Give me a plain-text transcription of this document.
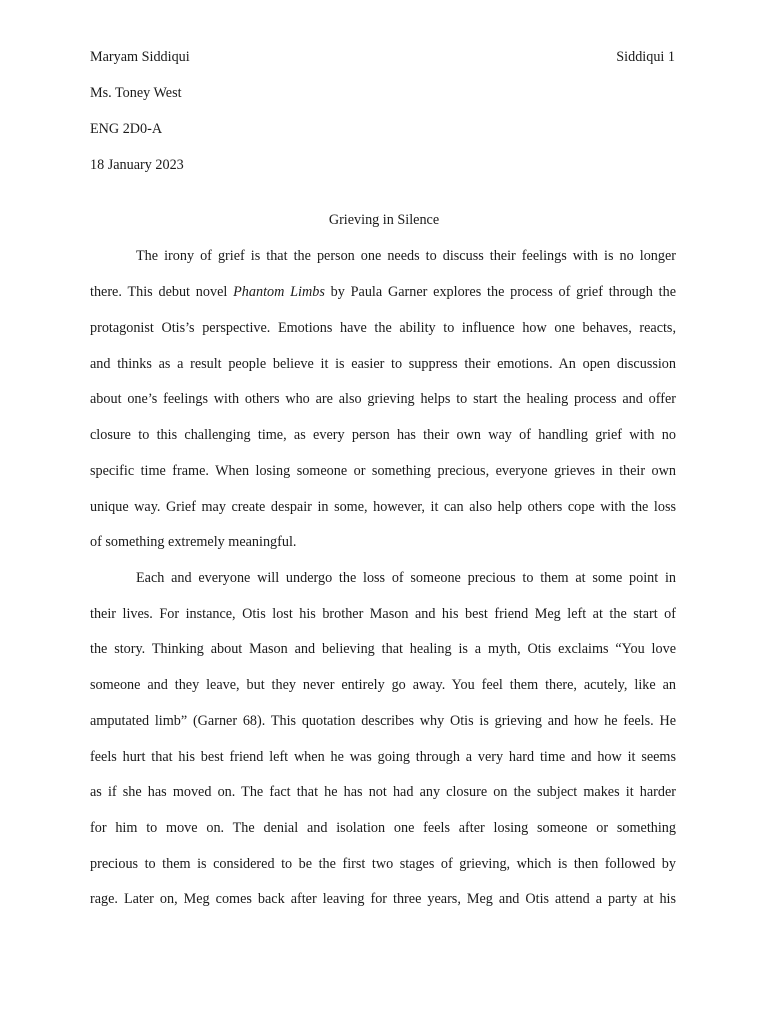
Siddiqui 1
Maryam Siddiqui
Ms. Toney West
ENG 2D0-A
18 January 2023
Grieving in Silence
The irony of grief is that the person one needs to discuss their feelings with is no longer
there. This debut novel Phantom Limbs by Paula Garner explores the process of grief through the
protagonist Otis’s perspective. Emotions have the ability to influence how one behaves, reacts,
and thinks as a result people believe it is easier to suppress their emotions. An open discussion
about one’s feelings with others who are also grieving helps to start the healing process and offer
closure to this challenging time, as every person has their own way of handling grief with no
specific time frame. When losing someone or something precious, everyone grieves in their own
unique way. Grief may create despair in some, however, it can also help others cope with the loss
of something extremely meaningful.
Each and everyone will undergo the loss of someone precious to them at some point in
their lives. For instance, Otis lost his brother Mason and his best friend Meg left at the start of
the story. Thinking about Mason and believing that healing is a myth, Otis exclaims “You love
someone and they leave, but they never entirely go away. You feel them there, acutely, like an
amputated limb” (Garner 68). This quotation describes why Otis is grieving and how he feels. He
feels hurt that his best friend left when he was going through a very hard time and how it seems
as if she has moved on. The fact that he has not had any closure on the subject makes it harder
for him to move on. The denial and isolation one feels after losing someone or something
precious to them is considered to be the first two stages of grieving, which is then followed by
rage. Later on, Meg comes back after leaving for three years, Meg and Otis attend a party at his
